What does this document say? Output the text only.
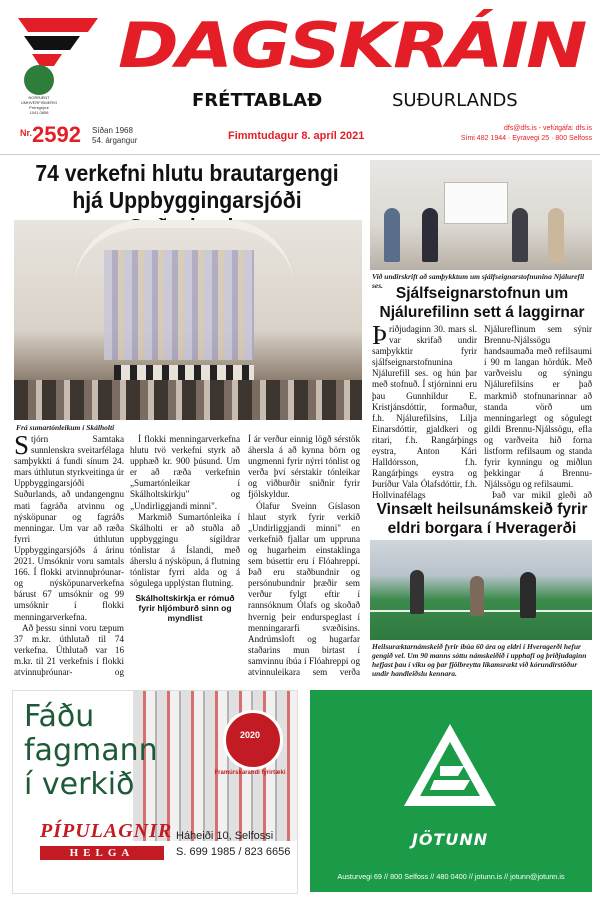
NORRÆNT UMHVERFISMERKI
Prentgripur
1041 0858
DAGSKRÁIN
FRÉTTABLAÐ	SUÐURLANDS
Nr. 2592 Síðan 1968
54. árgangur	Fimmtudagur 8. apríl 2021
dfs@dfs.is - vefútgáfa: dfs.is
Sími 482 1944 · Eyravegi 25 · 800 Selfoss
74 verkefni hlutu brautargengi hjá Uppbyggingarsjóði
Frá sumartónleikum í Skálholti

Stjórn Samtaka sunnlenskra sveitarfélaga samþykkti á fundi sínum 24. mars úthlutun styrkveitinga úr Uppbyggingarsjóði Suðurlands, að undangengnu mati fagráða atvinnu og nýsköpunar og fagráðs menningar. Um var að ræða fyrri úthlutun Uppbyggingarsjóðs á árinu 2021. Umsóknir voru samtals 166. Í flokki atvinnuþróunar- og nýsköpunarverkefna bárust 67 umsóknir og 99 umsóknir í flokki menningarverkefna.

Að þessu sinni voru tæpum 37 m.kr. úthlutað til 74 verkefna. Úthlutað var 16 m.kr. til 21 verkefnis í flokki atvinnuþróunar- og

Í flokki menningarverkefna hlutu tvö verkefni styrk að upphæð kr. 900 þúsund. Um er að ræða verkefnin „Sumartónleikar í Skálholtskirkju" og „Undirliggjandi minni".

Markmið Sumartónleika í Skálholti er að stuðla að uppbyggingu sígildrar tónlistar á Íslandi, með áherslu á nýsköpun, á flutning tónlistar fyrri alda og á sögulega upplýstan flutning.

Skálholtskirkja er rómuð fyrir hljómburð sinn og myndlist

Í ár verður einnig lögð sérstök áhersla á að kynna börn og ungmenni fyrir nýrri tónlist og verða því sérstakir tónleikar og viðburðir sniðnir fyrir fjölskyldur.

Ólafur Sveinn Gíslason hlaut styrk fyrir verkið „Undirliggjandi minni" en verkefnið fjallar um uppruna og hugarheim einstaklinga sem búsettir eru í Flóahreppi. Það eru staðbundnir og persónubundnir þræðir sem verður fylgt eftir í rannsóknum Ólafs og skoðað hvernig þeir endurspeglast í menningararfi svæðisins. Andrúmsloft og hugarfar staðarins mun birtast í samvinnu íbúa í Flóahreppi og atvinnuleikara sem verða

Við undirskrift að samþykktum um sjálfseignarstofnunina Njálurefil ses. Sjálfseignarstofnun um Njálurefilinn sett á laggirnar

Þriðjudaginn 30. mars sl. var skrifað undir samþykktir fyrir sjálfseignarstofnunina Njálurefill ses. og hún þar með stofnuð. Í stjórninni eru þau Gunnhildur E. Kristjánsdóttir, formaður, f.h. Njálurefilsins, Lilja Einarsdóttir, gjaldkeri og ritari, f.h. Rangárþings eystra, Anton Kári Halldórsson, f.h. Rangárþings eystra og Þuríður Vala Ólafsdóttir, f.h. Hollvinafélags

Njálureflinum sem sýnir Brennu-Njálssögu handsaumaða með refilsaumi í 90 m langan hördúk. Með varðveislu og sýningu Njálurefilsins er það markmið stofnunarinnar að standa vörð um menningarlegt og sögulegt gildi Brennu-Njálssögu, efla og varðveita hið forna listform refilsaum og standa fyrir kynningu og miðlun þekkingar á Brennu-Njálssögu og refilsaumi.

Það var mikil gleði að

Vinsælt heilsunámskeið fyrir eldri borgara í Hveragerði
Heilsuræktarnámskeið fyrir íbúa 60 ára og eldri í Hveragerði hefur gengið vel. Um 90 manns sóttu námskeiðið í upphafi og þriðjudaginn hefjast þau í viku og þar fjölbreytta líkamsrækt við kórundirstöður undir handleiðslu kennara.
Fáðu
fagmann
í verkið
2020
Framúrskarandi fyrirtæki
PÍPULAGNIR
HELGA
Háheiði 10, Selfossi
S. 699 1985 / 823 6656
JÖTUNN
Austurvegi 69 // 800 Selfoss // 480 0400 // jotunn.is // jotunn@jotunn.is
